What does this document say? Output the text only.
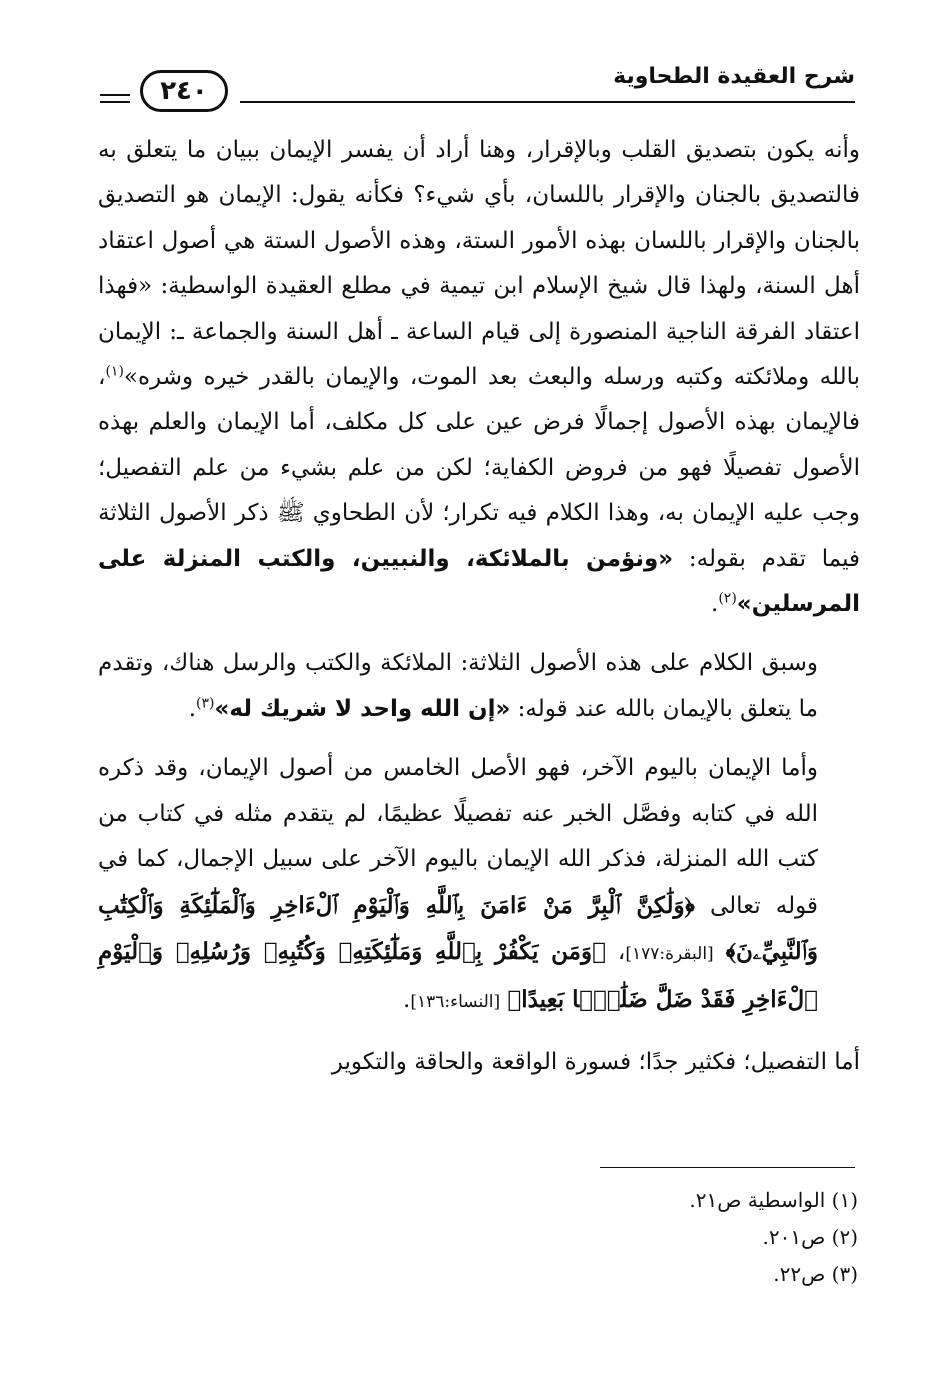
شرح العقيدة الطحاوية
٢٤٠

وأنه يكون بتصديق القلب وبالإقرار، وهنا أراد أن يفسر الإيمان ببيان ما يتعلق به فالتصديق بالجنان والإقرار باللسان، بأي شيء؟ فكأنه يقول: الإيمان هو التصديق بالجنان والإقرار باللسان بهذه الأمور الستة، وهذه الأصول الستة هي أصول اعتقاد أهل السنة، ولهذا قال شيخ الإسلام ابن تيمية في مطلع العقيدة الواسطية: «فهذا اعتقاد الفرقة الناجية المنصورة إلى قيام الساعة ـ أهل السنة والجماعة ـ: الإيمان بالله وملائكته وكتبه ورسله والبعث بعد الموت، والإيمان بالقدر خيره وشره»$^{(١)}$، فالإيمان بهذه الأصول إجمالًا فرض عين على كل مكلف، أما الإيمان والعلم بهذه الأصول تفصيلًا فهو من فروض الكفاية؛ لكن من علم بشيء من علم التفصيل؛ وجب عليه الإيمان به، وهذا الكلام فيه تكرار؛ لأن الطحاوي ﷺ ذكر الأصول الثلاثة فيما تقدم بقوله: «ونؤمن بالملائكة، والنبيين، والكتب المنزلة على المرسلين»$^{(٢)}$.

وسبق الكلام على هذه الأصول الثلاثة: الملائكة والكتب والرسل هناك، وتقدم ما يتعلق بالإيمان بالله عند قوله: «إن الله واحد لا شريك له»$^{(٣)}$.

وأما الإيمان باليوم الآخر، فهو الأصل الخامس من أصول الإيمان، وقد ذكره الله في كتابه وفصَّل الخبر عنه تفصيلًا عظيمًا، لم يتقدم مثله في كتاب من كتب الله المنزلة، فذكر الله الإيمان باليوم الآخر على سبيل الإجمال، كما في قوله تعالى ﴿وَلَٰكِنَّ ٱلْبِرَّ مَنْ ءَامَنَ بِٱللَّهِ وَٱلْيَوْمِ ٱلْءَاخِرِ وَٱلْمَلَٰٓئِكَةِ وَٱلْكِتَٰبِ وَٱلنَّبِيِّۦنَ﴾ [البقرة:١٧٧]، ﴿وَمَن يَكْفُرْ بِٱللَّهِ وَمَلَٰٓئِكَتِهِۦ وَكُتُبِهِۦ وَرُسُلِهِۦ وَٱلْيَوْمِ ٱلْءَاخِرِ فَقَدْ ضَلَّ ضَلَٰلًۢا بَعِيدًا﴾ [النساء:١٣٦].

أما التفصيل؛ فكثير جدًا؛ فسورة الواقعة والحاقة والتكوير

(١) الواسطية ص٢١.
(٢) ص٢٠١.
(٣) ص٢٢.
